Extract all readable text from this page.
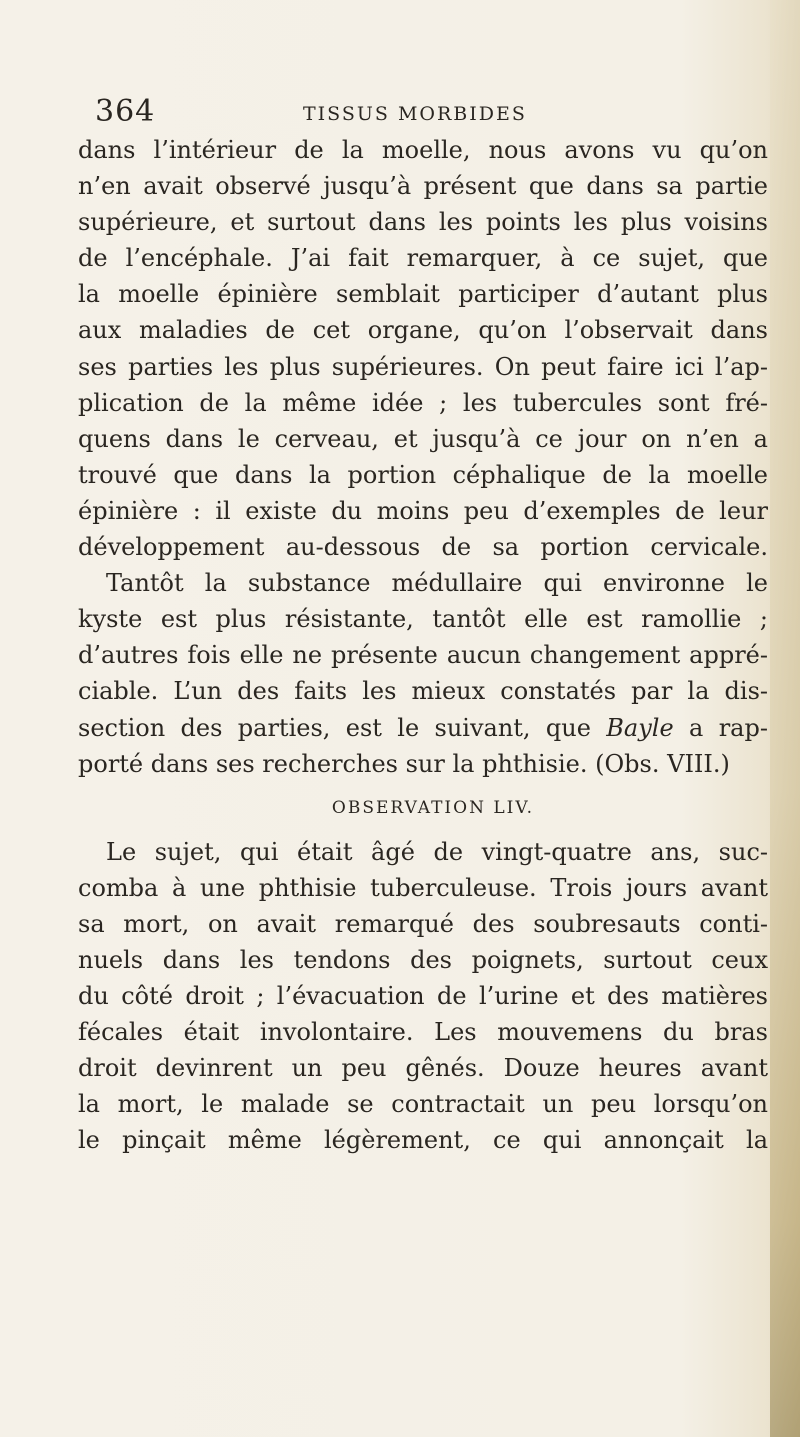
364	TISSUS MORBIDES
dans l’intérieur de la moelle, nous avons vu qu’on
n’en avait observé jusqu’à présent que dans sa partie
supérieure, et surtout dans les points les plus voisins
de l’encéphale. J’ai fait remarquer, à ce sujet, que
la moelle épinière semblait participer d’autant plus
aux maladies de cet organe, qu’on l’observait dans
ses parties les plus supérieures. On peut faire ici l’ap-
plication de la même idée ; les tubercules sont fré-
quens dans le cerveau, et jusqu’à ce jour on n’en a
trouvé que dans la portion céphalique de la moelle
épinière : il existe du moins peu d’exemples de leur
développement au-dessous de sa portion cervicale.
Tantôt la substance médullaire qui environne le
kyste est plus résistante, tantôt elle est ramollie ;
d’autres fois elle ne présente aucun changement appré-
ciable. L’un des faits les mieux constatés par la dis-
section des parties, est le suivant, que Bayle a rap-
porté dans ses recherches sur la phthisie. (Obs. VIII.)
OBSERVATION LIV.
Le sujet, qui était âgé de vingt-quatre ans, suc-
comba à une phthisie tuberculeuse. Trois jours avant
sa mort, on avait remarqué des soubresauts conti-
nuels dans les tendons des poignets, surtout ceux
du côté droit ; l’évacuation de l’urine et des matières
fécales était involontaire. Les mouvemens du bras
droit devinrent un peu gênés. Douze heures avant
la mort, le malade se contractait un peu lorsqu’on
le pinçait même légèrement, ce qui annonçait la
